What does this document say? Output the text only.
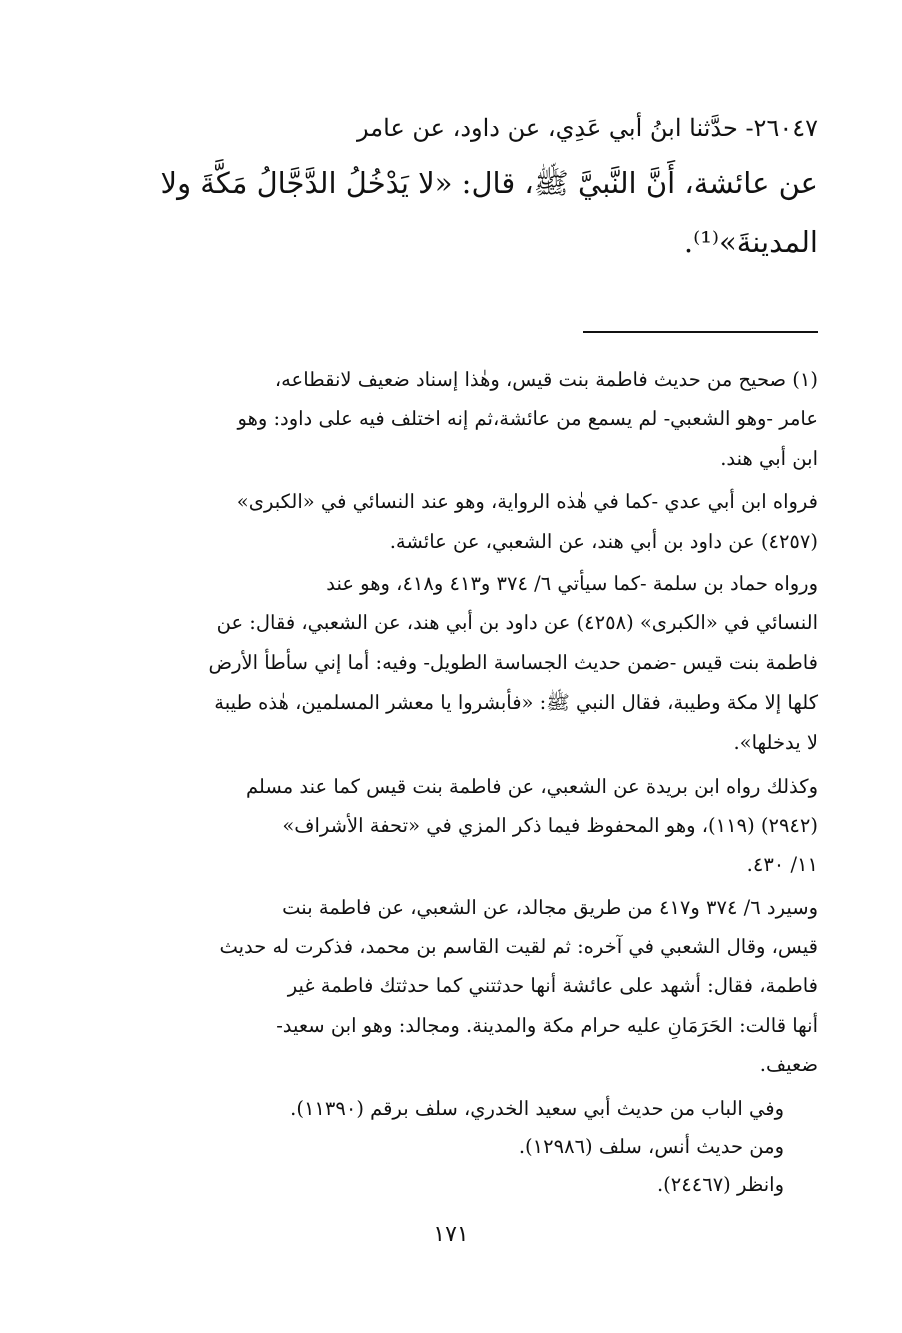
٢٦٠٤٧- حدَّثنا ابنُ أبي عَدِي، عن داود، عن عامر
عن عائشة، أَنَّ النَّبيَّ ﷺ، قال: «لا يَدْخُلُ الدَّجَّالُ مَكَّةَ ولا
المدينةَ»⁽¹⁾.
(١) صحيح من حديث فاطمة بنت قيس، وهٰذا إسناد ضعيف لانقطاعه،
عامر -وهو الشعبي- لم يسمع من عائشة،ثم إنه اختلف فيه على داود: وهو
ابن أبي هند.
فرواه ابن أبي عدي -كما في هٰذه الرواية، وهو عند النسائي في «الكبرى»
(٤٢٥٧) عن داود بن أبي هند، عن الشعبي، عن عائشة.
ورواه حماد بن سلمة -كما سيأتي ٦/ ٣٧٤ و٤١٣ و٤١٨، وهو عند
النسائي في «الكبرى» (٤٢٥٨) عن داود بن أبي هند، عن الشعبي، فقال: عن
فاطمة بنت قيس -ضمن حديث الجساسة الطويل- وفيه: أما إني سأطأ الأرض
كلها إلا مكة وطيبة، فقال النبي ﷺ: «فأبشروا يا معشر المسلمين، هٰذه طيبة
لا يدخلها».
وكذلك رواه ابن بريدة عن الشعبي، عن فاطمة بنت قيس كما عند مسلم
(٢٩٤٢) (١١٩)، وهو المحفوظ فيما ذكر المزي في «تحفة الأشراف»
١١/ ٤٣٠.
وسيرد ٦/ ٣٧٤ و٤١٧ من طريق مجالد، عن الشعبي، عن فاطمة بنت
قيس، وقال الشعبي في آخره: ثم لقيت القاسم بن محمد، فذكرت له حديث
فاطمة، فقال: أشهد على عائشة أنها حدثتني كما حدثتك فاطمة غير
أنها قالت: الحَرَمَانِ عليه حرام مكة والمدينة. ومجالد: وهو ابن سعيد-
ضعيف.
وفي الباب من حديث أبي سعيد الخدري، سلف برقم (١١٣٩٠).
ومن حديث أنس، سلف (١٢٩٨٦).
وانظر (٢٤٤٦٧).
١٧١
